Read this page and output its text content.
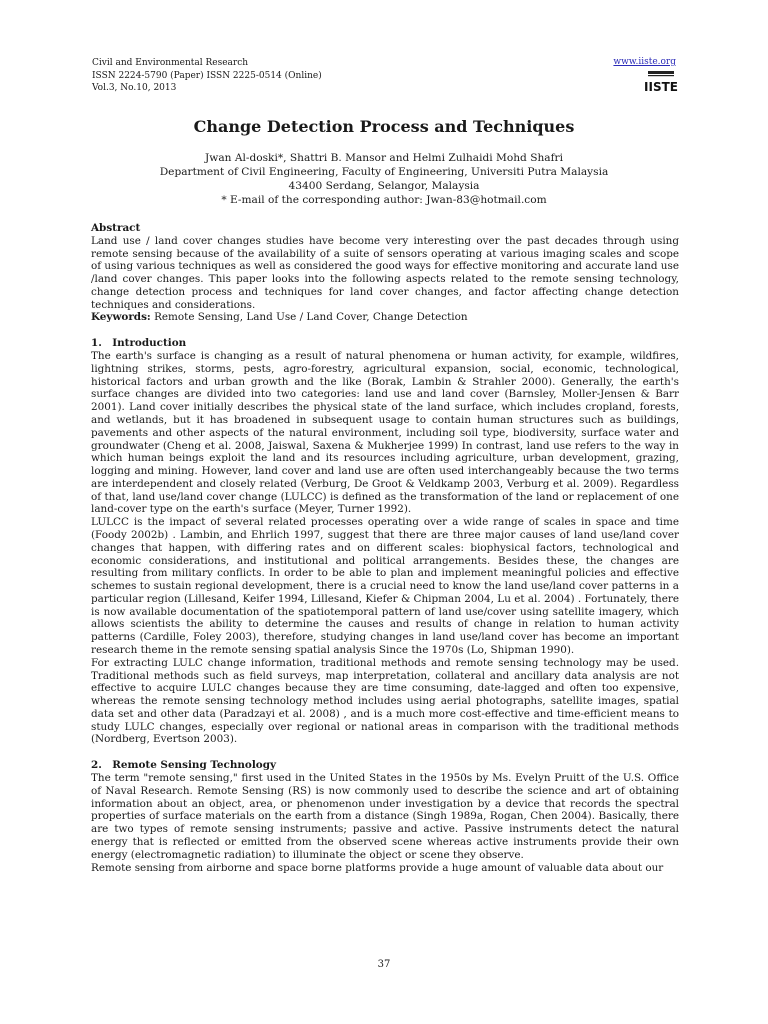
Civil and Environmental Research
ISSN 2224-5790 (Paper) ISSN 2225-0514 (Online)
Vol.3, No.10, 2013
www.iiste.org
IISTE
Change Detection Process and Techniques
Jwan Al-doski*, Shattri B. Mansor and Helmi Zulhaidi Mohd Shafri
Department of Civil Engineering, Faculty of Engineering, Universiti Putra Malaysia
43400 Serdang, Selangor, Malaysia
* E-mail of the corresponding author: Jwan-83@hotmail.com
Abstract

Land use / land cover changes studies have become very interesting over the past decades through using remote sensing because of the availability of a suite of sensors operating at various imaging scales and scope of using various techniques as well as considered the good ways for effective monitoring and accurate land use /land cover changes. This paper looks into the following aspects related to the remote sensing technology, change detection process and techniques for land cover changes, and factor affecting change detection techniques and considerations.

Keywords: Remote Sensing, Land Use / Land Cover, Change Detection
1. Introduction

The earth's surface is changing as a result of natural phenomena or human activity, for example, wildfires, lightning strikes, storms, pests, agro-forestry, agricultural expansion, social, economic, technological, historical factors and urban growth and the like (Borak, Lambin & Strahler 2000). Generally, the earth's surface changes are divided into two categories: land use and land cover (Barnsley, Moller-Jensen & Barr 2001). Land cover initially describes the physical state of the land surface, which includes cropland, forests, and wetlands, but it has broadened in subsequent usage to contain human structures such as buildings, pavements and other aspects of the natural environment, including soil type, biodiversity, surface water and groundwater (Cheng et al. 2008, Jaiswal, Saxena & Mukherjee 1999) In contrast, land use refers to the way in which human beings exploit the land and its resources including agriculture, urban development, grazing, logging and mining. However, land cover and land use are often used interchangeably because the two terms are interdependent and closely related (Verburg, De Groot & Veldkamp 2003, Verburg et al. 2009). Regardless of that, land use/land cover change (LULCC) is defined as the transformation of the land or replacement of one land-cover type on the earth's surface (Meyer, Turner 1992).

LULCC is the impact of several related processes operating over a wide range of scales in space and time (Foody 2002b) . Lambin, and Ehrlich 1997, suggest that there are three major causes of land use/land cover changes that happen, with differing rates and on different scales: biophysical factors, technological and economic considerations, and institutional and political arrangements. Besides these, the changes are resulting from military conflicts. In order to be able to plan and implement meaningful policies and effective schemes to sustain regional development, there is a crucial need to know the land use/land cover patterns in a particular region (Lillesand, Keifer 1994, Lillesand, Kiefer & Chipman 2004, Lu et al. 2004) . Fortunately, there is now available documentation of the spatiotemporal pattern of land use/cover using satellite imagery, which allows scientists the ability to determine the causes and results of change in relation to human activity patterns (Cardille, Foley 2003), therefore, studying changes in land use/land cover has become an important research theme in the remote sensing spatial analysis Since the 1970s (Lo, Shipman 1990).

For extracting LULC change information, traditional methods and remote sensing technology may be used. Traditional methods such as field surveys, map interpretation, collateral and ancillary data analysis are not effective to acquire LULC changes because they are time consuming, date-lagged and often too expensive, whereas the remote sensing technology method includes using aerial photographs, satellite images, spatial data set and other data (Paradzayi et al. 2008) , and is a much more cost-effective and time-efficient means to study LULC changes, especially over regional or national areas in comparison with the traditional methods (Nordberg, Evertson 2003).

2. Remote Sensing Technology

The term "remote sensing," first used in the United States in the 1950s by Ms. Evelyn Pruitt of the U.S. Office of Naval Research. Remote Sensing (RS) is now commonly used to describe the science and art of obtaining information about an object, area, or phenomenon under investigation by a device that records the spectral properties of surface materials on the earth from a distance (Singh 1989a, Rogan, Chen 2004). Basically, there are two types of remote sensing instruments; passive and active. Passive instruments detect the natural energy that is reflected or emitted from the observed scene whereas active instruments provide their own energy (electromagnetic radiation) to illuminate the object or scene they observe.

Remote sensing from airborne and space borne platforms provide a huge amount of valuable data about our

37
